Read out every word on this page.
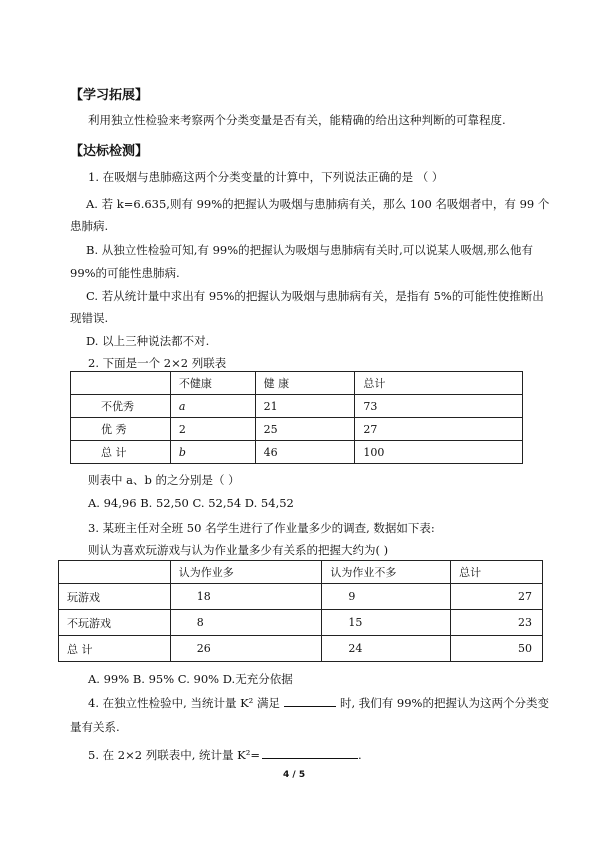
【学习拓展】
利用独立性检验来考察两个分类变量是否有关，能精确的给出这种判断的可靠程度.
【达标检测】
1. 在吸烟与患肺癌这两个分类变量的计算中，下列说法正确的是 （ ）
A. 若 k=6.635,则有 99%的把握认为吸烟与患肺病有关，那么 100 名吸烟者中，有 99 个
患肺病.
B. 从独立性检验可知,有 99%的把握认为吸烟与患肺病有关时,可以说某人吸烟,那么他有
99%的可能性患肺病.
C. 若从统计量中求出有 95%的把握认为吸烟与患肺病有关，是指有 5%的可能性使推断出
现错误.
D. 以上三种说法都不对.
2. 下面是一个 2×2 列联表
	不健康	健 康	总计
不优秀	a	21	73
优 秀	2	25	27
总 计	b	46	100
则表中 a、b 的之分别是（ ）
A. 94,96 B. 52,50 C. 52,54 D. 54,52
3. 某班主任对全班 50 名学生进行了作业量多少的调查, 数据如下表:
则认为喜欢玩游戏与认为作业量多少有关系的把握大约为( )
	认为作业多	认为作业不多	总计
玩游戏	18	9	27
不玩游戏	8	15	23
总 计	26	24	50
A. 99% B. 95% C. 90% D.无充分依据
4. 在独立性检验中, 当统计量 K² 满足	时, 我们有 99%的把握认为这两个分类变
量有关系.
5. 在 2×2 列联表中, 统计量 K²=	.
4 / 5
